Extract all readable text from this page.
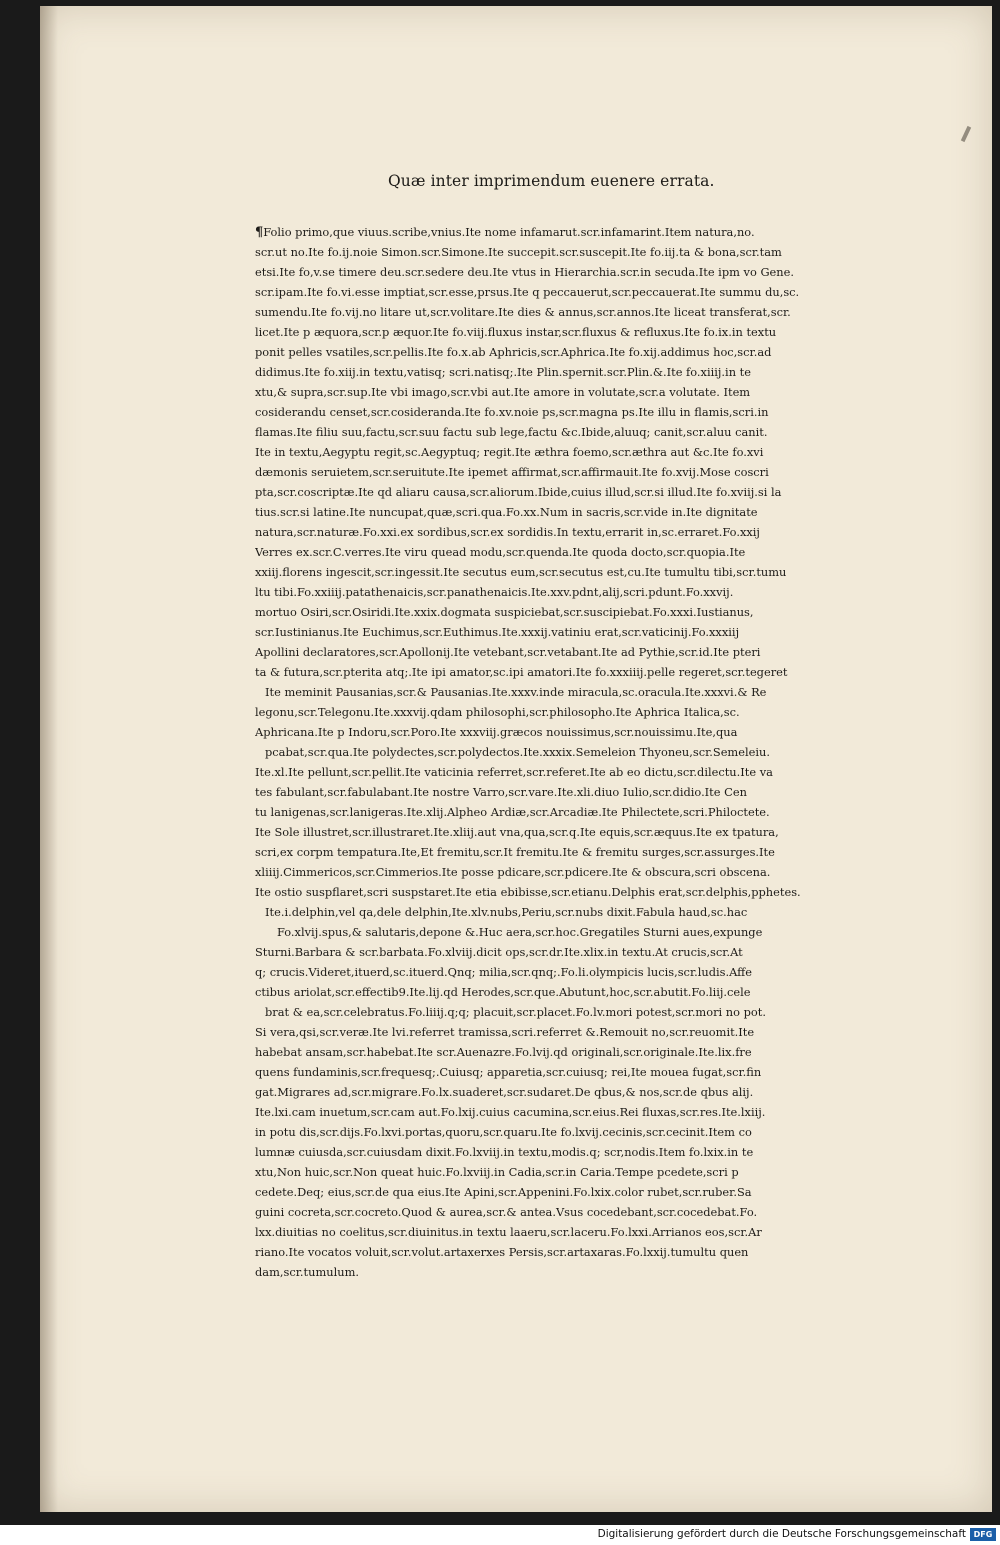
Quæ inter imprimendum euenere errata.
¶Folio primo,que viuus.scribe,vnius.Ite nome infamarut.scr.infamarint.Item natura,no.
scr.ut no.Ite fo.ij.noie Simon.scr.Simone.Ite succepit.scr.suscepit.Ite fo.iij.ta & bona,scr.tam
etsi.Ite fo,v.se timere deu.scr.sedere deu.Ite vtus in Hierarchia.scr.in secuda.Ite ipm vo Gene.
scr.ipam.Ite fo.vi.esse imptiat,scr.esse,prsus.Ite q peccauerut,scr.peccauerat.Ite summu du,sc.
sumendu.Ite fo.vij.no litare ut,scr.volitare.Ite dies & annus,scr.annos.Ite liceat transferat,scr.
licet.Ite p æquora,scr.p æquor.Ite fo.viij.fluxus instar,scr.fluxus & refluxus.Ite fo.ix.in textu
ponit pelles vsatiles,scr.pellis.Ite fo.x.ab Aphricis,scr.Aphrica.Ite fo.xij.addimus hoc,scr.ad
didimus.Ite fo.xiij.in textu,vatisq; scri.natisq;.Ite Plin.spernit.scr.Plin.&.Ite fo.xiiij.in te
xtu,& supra,scr.sup.Ite vbi imago,scr.vbi aut.Ite amore in volutate,scr.a volutate. Item
cosiderandu censet,scr.cosideranda.Ite fo.xv.noie ps,scr.magna ps.Ite illu in flamis,scri.in
flamas.Ite filiu suu,factu,scr.suu factu sub lege,factu &c.Ibide,aluuq; canit,scr.aluu canit.
Ite in textu,Aegyptu regit,sc.Aegyptuq; regit.Ite æthra foemo,scr.æthra aut &c.Ite fo.xvi
dæmonis seruietem,scr.seruitute.Ite ipemet affirmat,scr.affirmauit.Ite fo.xvij.Mose coscri
pta,scr.coscriptæ.Ite qd aliaru causa,scr.aliorum.Ibide,cuius illud,scr.si illud.Ite fo.xviij.si la
tius.scr.si latine.Ite nuncupat,quæ,scri.qua.Fo.xx.Num in sacris,scr.vide in.Ite dignitate
natura,scr.naturæ.Fo.xxi.ex sordibus,scr.ex sordidis.In textu,errarit in,sc.erraret.Fo.xxij
Verres ex.scr.C.verres.Ite viru quead modu,scr.quenda.Ite quoda docto,scr.quopia.Ite
xxiij.florens ingescit,scr.ingessit.Ite secutus eum,scr.secutus est,cu.Ite tumultu tibi,scr.tumu
ltu tibi.Fo.xxiiij.patathenaicis,scr.panathenaicis.Ite.xxv.pdnt,alij,scri.pdunt.Fo.xxvij.
mortuo Osiri,scr.Osiridi.Ite.xxix.dogmata suspiciebat,scr.suscipiebat.Fo.xxxi.Iustianus,
scr.Iustinianus.Ite Euchimus,scr.Euthimus.Ite.xxxij.vatiniu erat,scr.vaticinij.Fo.xxxiij
Apollini declaratores,scr.Apollonij.Ite vetebant,scr.vetabant.Ite ad Pythie,scr.id.Ite pteri
ta & futura,scr.pterita atq;.Ite ipi amator,sc.ipi amatori.Ite fo.xxxiiij.pelle regeret,scr.tegeret
Ite meminit Pausanias,scr.& Pausanias.Ite.xxxv.inde miracula,sc.oracula.Ite.xxxvi.& Re
legonu,scr.Telegonu.Ite.xxxvij.qdam philosophi,scr.philosopho.Ite Aphrica Italica,sc.
Aphricana.Ite p Indoru,scr.Poro.Ite xxxviij.græcos nouissimus,scr.nouissimu.Ite,qua
pcabat,scr.qua.Ite polydectes,scr.polydectos.Ite.xxxix.Semeleion Thyoneu,scr.Semeleiu.
Ite.xl.Ite pellunt,scr.pellit.Ite vaticinia referret,scr.referet.Ite ab eo dictu,scr.dilectu.Ite va
tes fabulant,scr.fabulabant.Ite nostre Varro,scr.vare.Ite.xli.diuo Iulio,scr.didio.Ite Cen
tu lanigenas,scr.lanigeras.Ite.xlij.Alpheo Ardiæ,scr.Arcadiæ.Ite Philectete,scri.Philoctete.
Ite Sole illustret,scr.illustraret.Ite.xliij.aut vna,qua,scr.q.Ite equis,scr.æquus.Ite ex tpatura,
scri,ex corpm tempatura.Ite,Et fremitu,scr.It fremitu.Ite & fremitu surges,scr.assurges.Ite
xliiij.Cimmericos,scr.Cimmerios.Ite posse pdicare,scr.pdicere.Ite & obscura,scri obscena.
Ite ostio suspflaret,scri suspstaret.Ite etia ebibisse,scr.etianu.Delphis erat,scr.delphis,pphetes.
Ite.i.delphin,vel qa,dele delphin,Ite.xlv.nubs,Periu,scr.nubs dixit.Fabula haud,sc.hac
Fo.xlvij.spus,& salutaris,depone &.Huc aera,scr.hoc.Gregatiles Sturni aues,expunge
Sturni.Barbara & scr.barbata.Fo.xlviij.dicit ops,scr.dr.Ite.xlix.in textu.At crucis,scr.At
q; crucis.Videret,ituerd,sc.ituerd.Qnq; milia,scr.qnq;.Fo.li.olympicis lucis,scr.ludis.Affe
ctibus ariolat,scr.effectib9.Ite.lij.qd Herodes,scr.que.Abutunt,hoc,scr.abutit.Fo.liij.cele
brat & ea,scr.celebratus.Fo.liiij.q;q; placuit,scr.placet.Fo.lv.mori potest,scr.mori no pot.
Si vera,qsi,scr.veræ.Ite lvi.referret tramissa,scri.referret &.Remouit no,scr.reuomit.Ite
habebat ansam,scr.habebat.Ite scr.Auenazre.Fo.lvij.qd originali,scr.originale.Ite.lix.fre
quens fundaminis,scr.frequesq;.Cuiusq; apparetia,scr.cuiusq; rei,Ite mouea fugat,scr.fin
gat.Migrares ad,scr.migrare.Fo.lx.suaderet,scr.sudaret.De qbus,& nos,scr.de qbus alij.
Ite.lxi.cam inuetum,scr.cam aut.Fo.lxij.cuius cacumina,scr.eius.Rei fluxas,scr.res.Ite.lxiij.
in potu dis,scr.dijs.Fo.lxvi.portas,quoru,scr.quaru.Ite fo.lxvij.cecinis,scr.cecinit.Item co
lumnæ cuiusda,scr.cuiusdam dixit.Fo.lxviij.in textu,modis.q; scr,nodis.Item fo.lxix.in te
xtu,Non huic,scr.Non queat huic.Fo.lxviij.in Cadia,scr.in Caria.Tempe pcedete,scri p
cedete.Deq; eius,scr.de qua eius.Ite Apini,scr.Appenini.Fo.lxix.color rubet,scr.ruber.Sa
guini cocreta,scr.cocreto.Quod & aurea,scr.& antea.Vsus cocedebant,scr.cocedebat.Fo.
lxx.diuitias no coelitus,scr.diuinitus.in textu laaeru,scr.laceru.Fo.lxxi.Arrianos eos,scr.Ar
riano.Ite vocatos voluit,scr.volut.artaxerxes Persis,scr.artaxaras.Fo.lxxij.tumultu quen
dam,scr.tumulum.
Digitalisierung gefördert durch die Deutsche Forschungsgemeinschaft DFG
